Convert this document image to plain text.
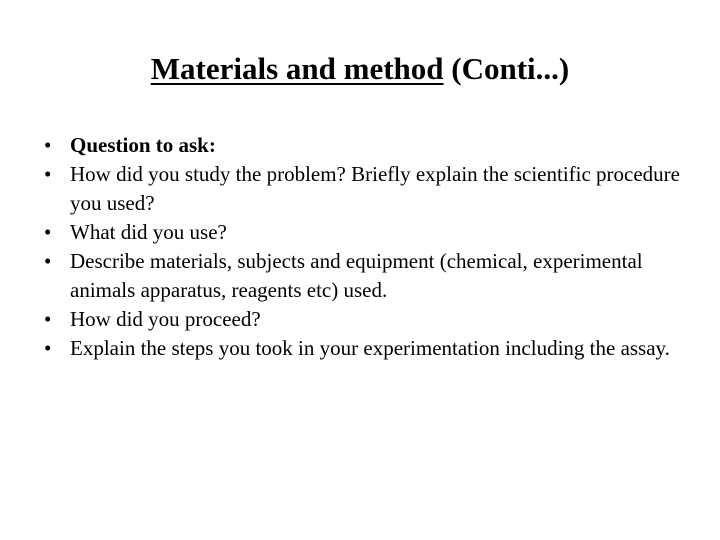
Materials and method (Conti...)
• Question to ask:
• How did you study the problem? Briefly explain the scientific procedure you used?
• What did you use?
• Describe materials, subjects and equipment (chemical, experimental animals apparatus, reagents etc) used.
• How did you proceed?
• Explain the steps you took in your experimentation including the assay.
